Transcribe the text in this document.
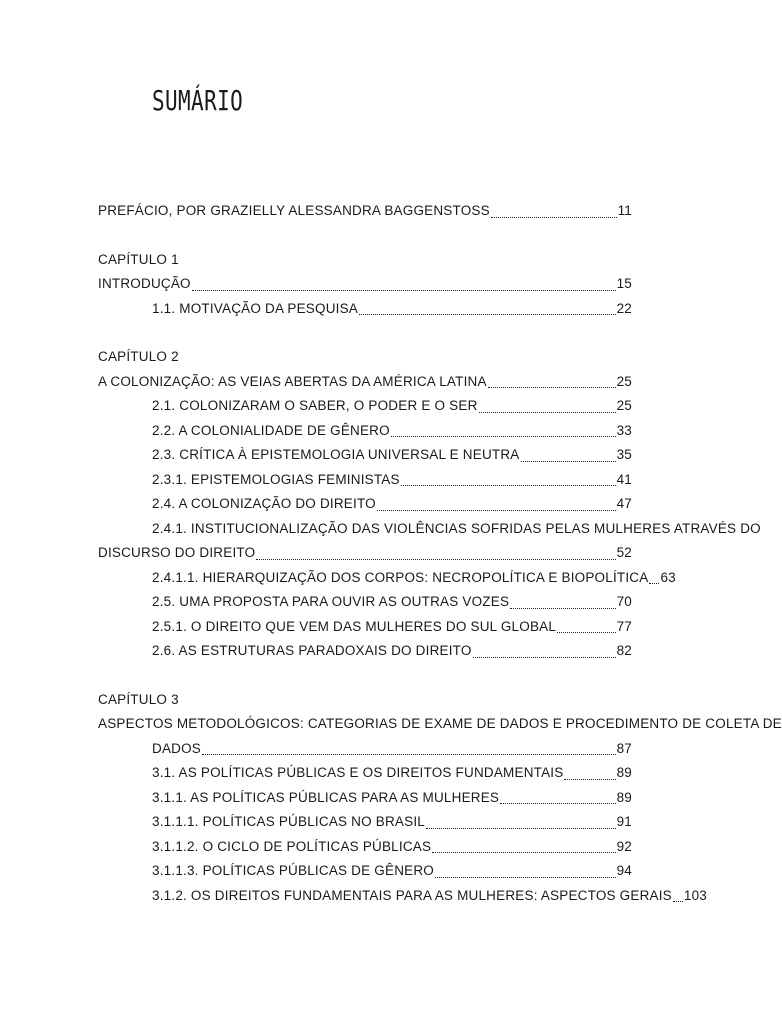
SUMÁRIO
PREFÁCIO, POR GRAZIELLY ALESSANDRA BAGGENSTOSS	11
CAPÍTULO 1
INTRODUÇÃO	15
1.1. MOTIVAÇÃO DA PESQUISA	22
CAPÍTULO 2
A COLONIZAÇÃO: AS VEIAS ABERTAS DA AMÉRICA LATINA	25
2.1. COLONIZARAM O SABER, O PODER E O SER	25
2.2. A COLONIALIDADE DE GÊNERO	33
2.3. CRÍTICA À EPISTEMOLOGIA UNIVERSAL E NEUTRA	35
2.3.1. EPISTEMOLOGIAS FEMINISTAS	41
2.4. A COLONIZAÇÃO DO DIREITO	47
2.4.1. INSTITUCIONALIZAÇÃO DAS VIOLÊNCIAS SOFRIDAS PELAS MULHERES ATRAVÉS DO
DISCURSO DO DIREITO	52
2.4.1.1. HIERARQUIZAÇÃO DOS CORPOS: NECROPOLÍTICA E BIOPOLÍTICA 63
2.5. UMA PROPOSTA PARA OUVIR AS OUTRAS VOZES	70
2.5.1. O DIREITO QUE VEM DAS MULHERES DO SUL GLOBAL	77
2.6. AS ESTRUTURAS PARADOXAIS DO DIREITO	82
CAPÍTULO 3
ASPECTOS METODOLÓGICOS: CATEGORIAS DE EXAME DE DADOS E PROCEDIMENTO DE COLETA DE
DADOS	87
3.1. AS POLÍTICAS PÚBLICAS E OS DIREITOS FUNDAMENTAIS	89
3.1.1. AS POLÍTICAS PÚBLICAS PARA AS MULHERES	89
3.1.1.1. POLÍTICAS PÚBLICAS NO BRASIL	91
3.1.1.2. O CICLO DE POLÍTICAS PÚBLICAS	92
3.1.1.3. POLÍTICAS PÚBLICAS DE GÊNERO	94
3.1.2. OS DIREITOS FUNDAMENTAIS PARA AS MULHERES: ASPECTOS GERAIS 103
